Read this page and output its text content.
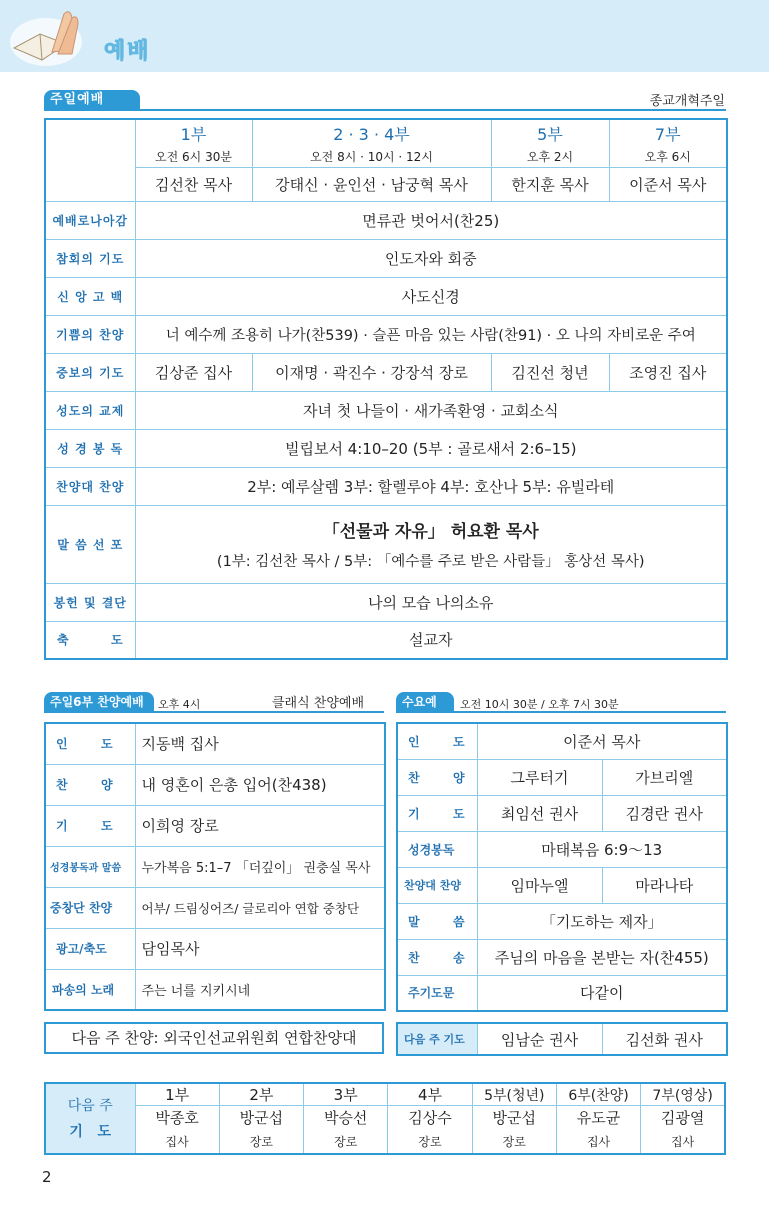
예배
주일예배	종교개혁주일
	1부	2 · 3 · 4부	5부	7부
	오전 6시 30분	오전 8시 · 10시 · 12시	오후 2시	오후 6시
	김선찬 목사	강태신 · 윤인선 · 남궁혁 목사	한지훈 목사	이준서 목사
예배로나아감	면류관 벗어서(찬25)			
참회의 기도	인도자와 회중			
신 앙 고 백	사도신경			
기쁨의 찬양	너 예수께 조용히 나가(찬539) · 슬픈 마음 있는 사람(찬91) · 오 나의 자비로운 주여			
중보의 기도	김상준 집사	이재명 · 곽진수 · 강장석 장로	김진선 청년	조영진 집사
성도의 교제	자녀 첫 나들이 · 새가족환영 · 교회소식			
성 경 봉 독	빌립보서 4:10–20 (5부 : 골로새서 2:6–15)			
찬양대 찬양	2부: 예루살렘 3부: 할렐루야 4부: 호산나 5부: 유빌라테			
말 씀 선 포	「선물과 자유」 허요환 목사
(1부: 김선찬 목사 / 5부: 「예수를 주로 받은 사람들」 홍상선 목사)			

봉헌 및 결단	나의 모습 나의소유			
축        도	설교자			
주일6부 찬양예배	오후 4시	클래식 찬양예배
인        도	지동백 집사
찬        양	내 영혼이 은총 입어(찬438)
기        도	이희영 장로
성경봉독과 말씀	누가복음 5:1–7 「더깊이」 권충실 목사
중창단 찬양	어부/ 드림싱어즈/ 글로리아 연합 중창단
광고/축도	담임목사
파송의 노래	주는 너를 지키시네
다음 주 찬양: 외국인선교위원회 연합찬양대
수요예배
오전 10시 30분 / 오후 7시 30분
인        도	이준서 목사	
찬        양	그루터기	가브리엘
기        도	최임선 권사	김경란 권사
성경봉독	마태복음 6:9～13	
찬양대 찬양	임마누엘	마라나타
말        씀	「기도하는 제자」	
찬        송	주님의 마음을 본받는 자(찬455)	
주기도문	다같이	
다음 주 기도	임남순 권사	김선화 권사
다음 주
기   도	1부	2부	3부	4부	5부(청년)	6부(찬양)	7부(영상)
	박종호	방군섭	박승선	김상수	방군섭	유도균	김광열
	집사	장로	장로	장로	장로	집사	집사
2
